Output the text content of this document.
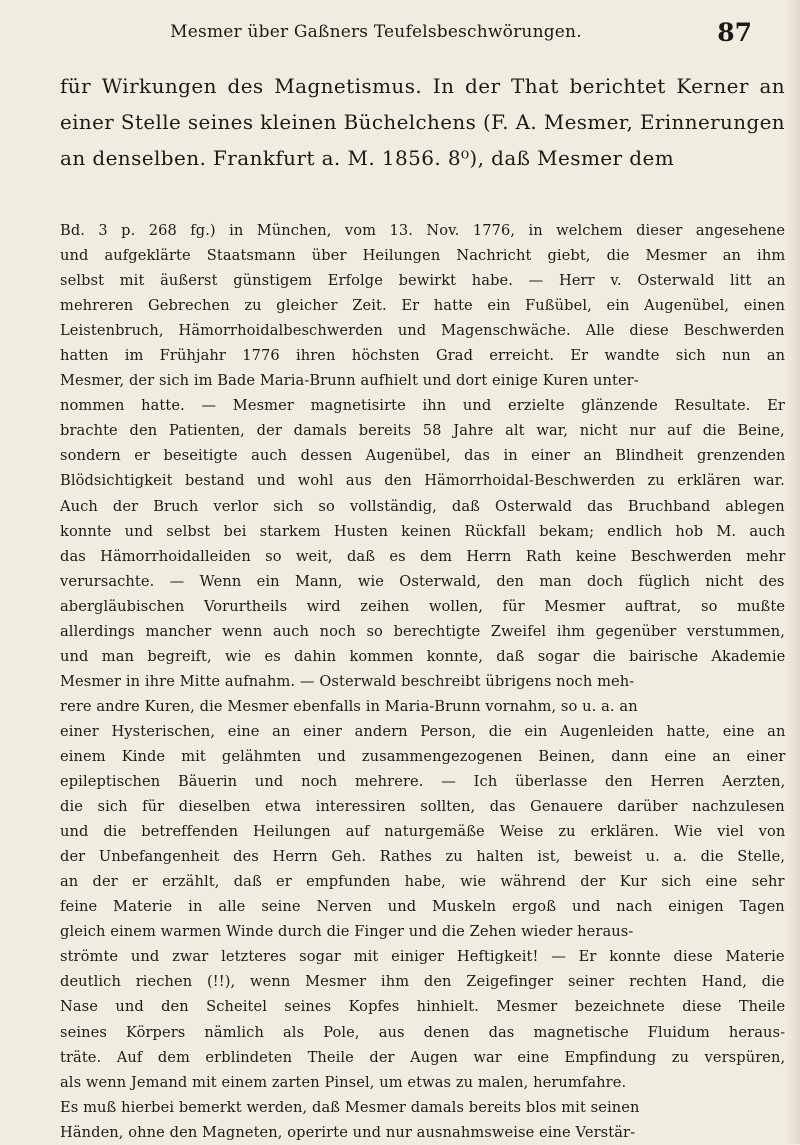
Mesmer über Gaßners Teufelsbeschwörungen.	87
für Wirkungen des Magnetismus. In der That berichtet Kerner an
einer Stelle seines kleinen Büchelchens (F. A. Mesmer, Erinnerungen
an denselben. Frankfurt a. M. 1856. 8⁰), daß Mesmer dem
Bd. 3 p. 268 fg.) in München, vom 13. Nov. 1776, in welchem dieser angesehene
und aufgeklärte Staatsmann über Heilungen Nachricht giebt, die Mesmer an ihm
selbst mit äußerst günstigem Erfolge bewirkt habe. — Herr v. Osterwald litt an
mehreren Gebrechen zu gleicher Zeit. Er hatte ein Fußübel, ein Augenübel, einen
Leistenbruch, Hämorrhoidalbeschwerden und Magenschwäche. Alle diese Beschwerden
hatten im Frühjahr 1776 ihren höchsten Grad erreicht. Er wandte sich nun an
Mesmer, der sich im Bade Maria-Brunn aufhielt und dort einige Kuren unter-
nommen hatte. — Mesmer magnetisirte ihn und erzielte glänzende Resultate. Er
brachte den Patienten, der damals bereits 58 Jahre alt war, nicht nur auf die Beine,
sondern er beseitigte auch dessen Augenübel, das in einer an Blindheit grenzenden
Blödsichtigkeit bestand und wohl aus den Hämorrhoidal-Beschwerden zu erklären war.
Auch der Bruch verlor sich so vollständig, daß Osterwald das Bruchband ablegen
konnte und selbst bei starkem Husten keinen Rückfall bekam; endlich hob M. auch
das Hämorrhoidalleiden so weit, daß es dem Herrn Rath keine Beschwerden mehr
verursachte. — Wenn ein Mann, wie Osterwald, den man doch füglich nicht des
abergläubischen Vorurtheils wird zeihen wollen, für Mesmer auftrat, so mußte
allerdings mancher wenn auch noch so berechtigte Zweifel ihm gegenüber verstummen,
und man begreift, wie es dahin kommen konnte, daß sogar die bairische Akademie
Mesmer in ihre Mitte aufnahm. — Osterwald beschreibt übrigens noch meh-
rere andre Kuren, die Mesmer ebenfalls in Maria-Brunn vornahm, so u. a. an
einer Hysterischen, eine an einer andern Person, die ein Augenleiden hatte, eine an
einem Kinde mit gelähmten und zusammengezogenen Beinen, dann eine an einer
epileptischen Bäuerin und noch mehrere. — Ich überlasse den Herren Aerzten,
die sich für dieselben etwa interessiren sollten, das Genauere darüber nachzulesen
und die betreffenden Heilungen auf naturgemäße Weise zu erklären. Wie viel von
der Unbefangenheit des Herrn Geh. Rathes zu halten ist, beweist u. a. die Stelle,
an der er erzählt, daß er empfunden habe, wie während der Kur sich eine sehr
feine Materie in alle seine Nerven und Muskeln ergoß und nach einigen Tagen
gleich einem warmen Winde durch die Finger und die Zehen wieder heraus-
strömte und zwar letzteres sogar mit einiger Heftigkeit! — Er konnte diese Materie
deutlich riechen (!!), wenn Mesmer ihm den Zeigefinger seiner rechten Hand, die
Nase und den Scheitel seines Kopfes hinhielt. Mesmer bezeichnete diese Theile
seines Körpers nämlich als Pole, aus denen das magnetische Fluidum heraus-
träte. Auf dem erblindeten Theile der Augen war eine Empfindung zu verspüren,
als wenn Jemand mit einem zarten Pinsel, um etwas zu malen, herumfahre.
Es muß hierbei bemerkt werden, daß Mesmer damals bereits blos mit seinen
Händen, ohne den Magneten, operirte und nur ausnahmsweise eine Verstär-
